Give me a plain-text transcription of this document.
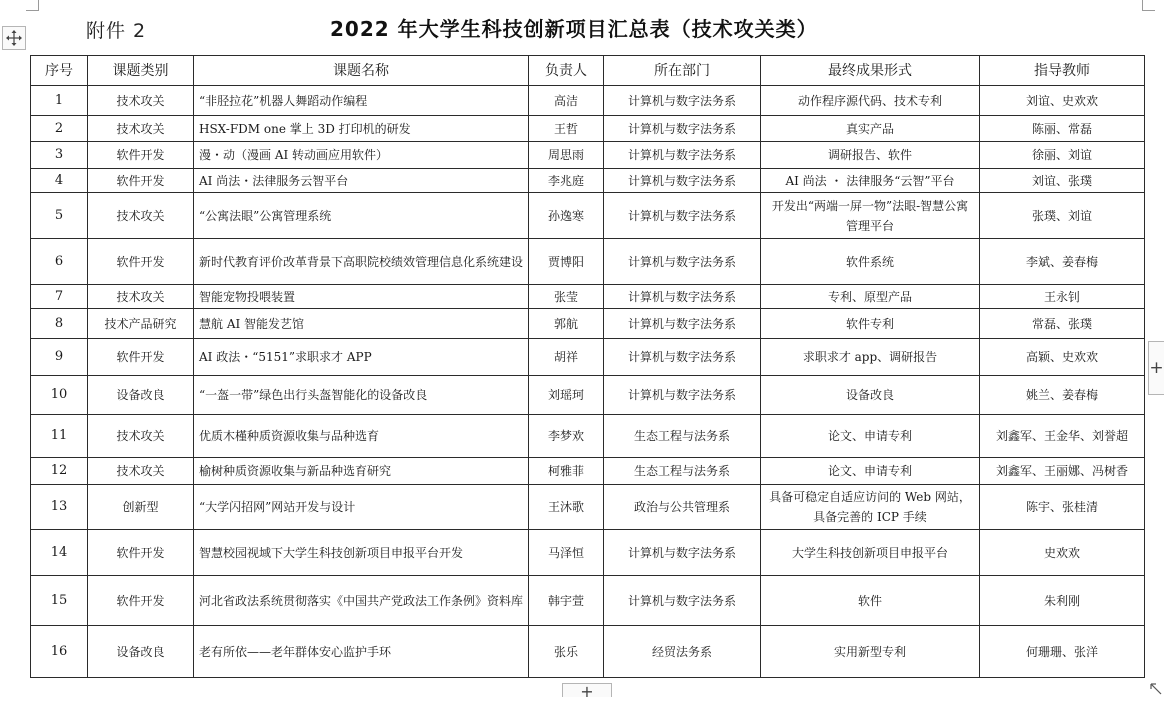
附件 2	2022 年大学生科技创新项目汇总表（技术攻关类）
序号	课题类别	课题名称	负责人	所在部门	最终成果形式	指导教师
1	技术攻关	“非胫拉花”机器人舞蹈动作编程	高洁	计算机与数字法务系	动作程序源代码、技术专利	刘谊、史欢欢
2	技术攻关	HSX-FDM one 掌上 3D 打印机的研发	王哲	计算机与数字法务系	真实产品	陈丽、常磊
3	软件开发	漫・动（漫画 AI 转动画应用软件）	周思雨	计算机与数字法务系	调研报告、软件	徐丽、刘谊
4	软件开发	AI 尚法・法律服务云智平台	李兆庭	计算机与数字法务系	AI 尚法 ・ 法律服务“云智”平台	刘谊、张璞
5	技术攻关	“公寓法眼”公寓管理系统	孙逸寒	计算机与数字法务系	开发出“两端一屏一物”法眼-智慧公寓管理平台	张璞、刘谊
6	软件开发	新时代教育评价改革背景下高职院校绩效管理信息化系统建设	贾博阳	计算机与数字法务系	软件系统	李斌、姜春梅
7	技术攻关	智能宠物投喂装置	张莹	计算机与数字法务系	专利、原型产品	王永钊
8	技术产品研究	慧航 AI 智能发艺馆	郭航	计算机与数字法务系	软件专利	常磊、张璞
9	软件开发	AI 政法・“5151”求职求才 APP	胡祥	计算机与数字法务系	求职求才 app、调研报告	高颖、史欢欢
10	设备改良	“一盔一带”绿色出行头盔智能化的设备改良	刘瑶珂	计算机与数字法务系	设备改良	姚兰、姜春梅
11	技术攻关	优质木槿种质资源收集与品种选育	李梦欢	生态工程与法务系	论文、申请专利	刘鑫军、王金华、刘誉超
12	技术攻关	榆树种质资源收集与新品种选育研究	柯雅菲	生态工程与法务系	论文、申请专利	刘鑫军、王丽娜、冯树香
13	创新型	“大学闪招网”网站开发与设计	王沐歌	政治与公共管理系	具备可稳定自适应访问的 Web 网站，具备完善的 ICP 手续	陈宇、张桂清
14	软件开发	智慧校园视域下大学生科技创新项目申报平台开发	马泽恒	计算机与数字法务系	大学生科技创新项目申报平台	史欢欢
15	软件开发	河北省政法系统贯彻落实《中国共产党政法工作条例》资料库	韩宇萱	计算机与数字法务系	软件	朱利刚
16	设备改良	老有所依——老年群体安心监护手环	张乐	经贸法务系	实用新型专利	何珊珊、张洋
+
+
